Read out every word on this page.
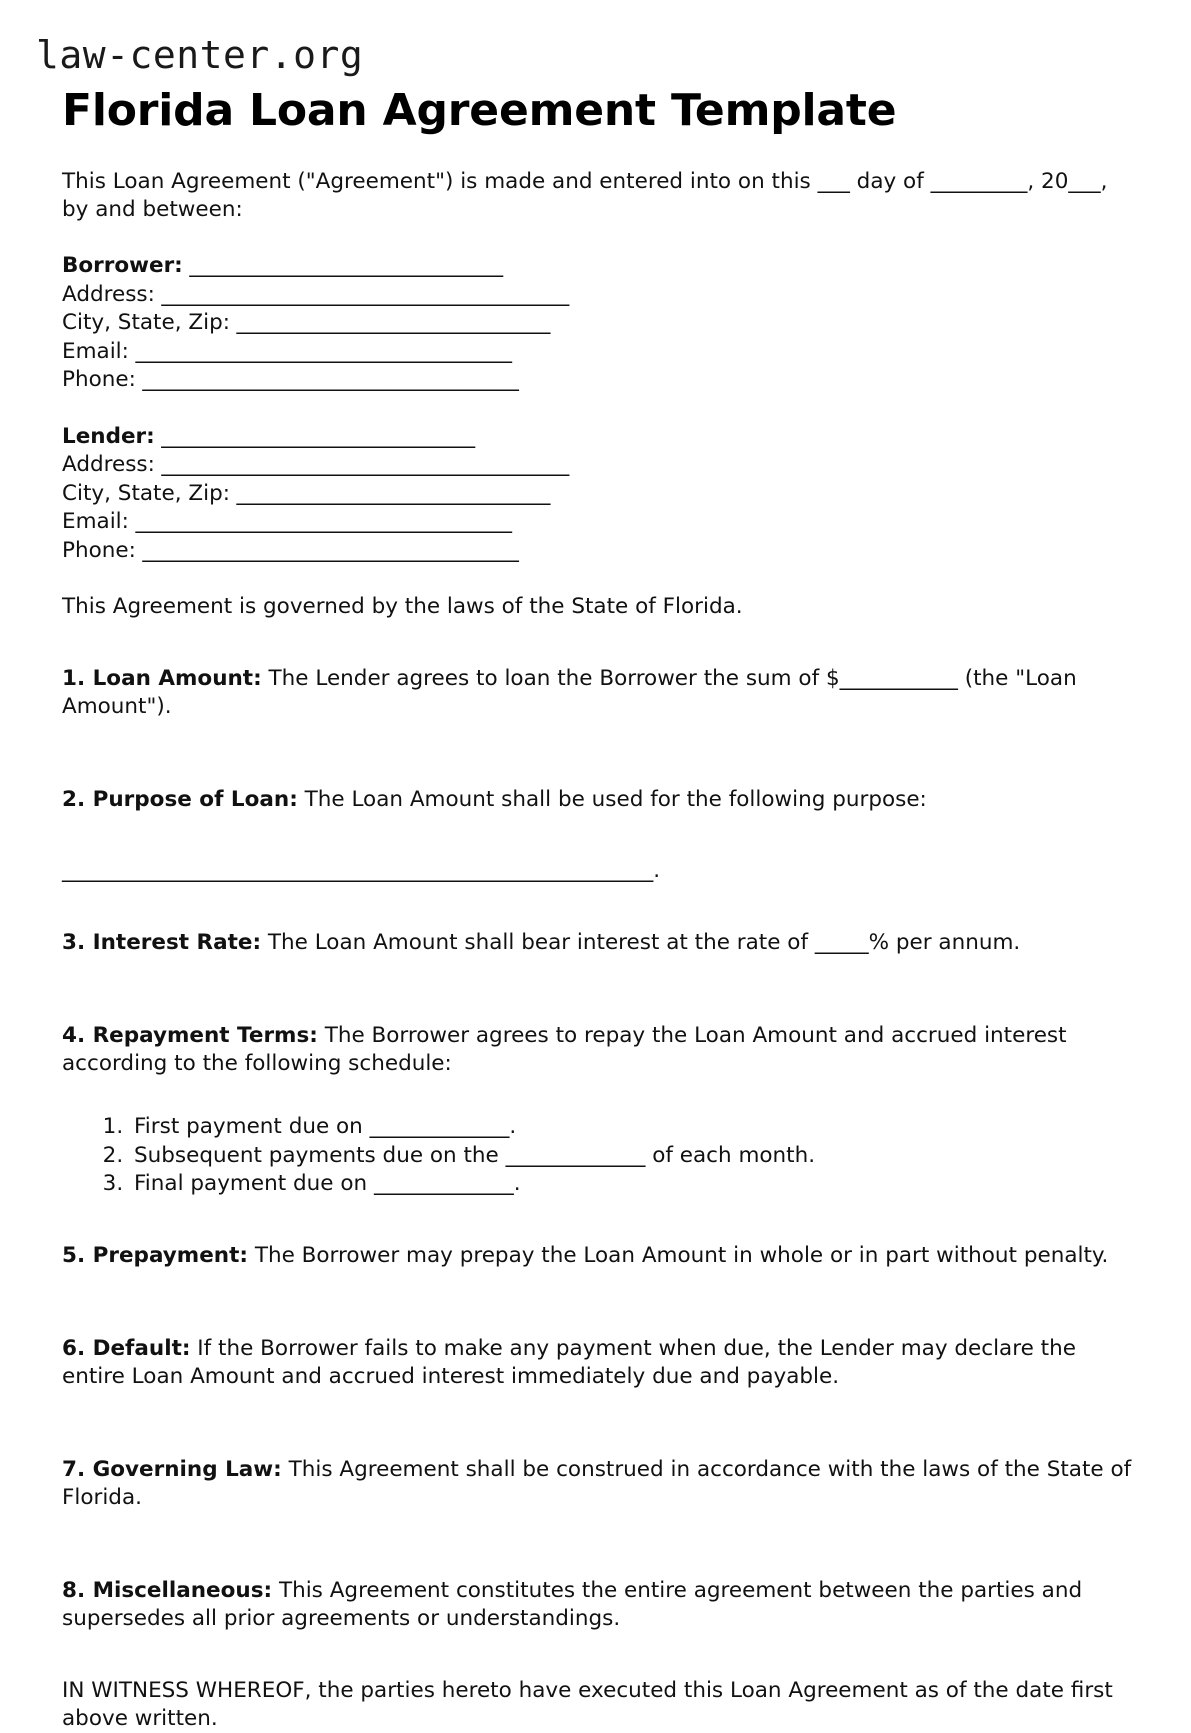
law-center.org
Florida Loan Agreement Template

This Loan Agreement ("Agreement") is made and entered into on this ___ day of _________, 20___, by and between:

Borrower: ______________________________
Address: _______________________________________
City, State, Zip: ______________________________
Email: ____________________________________
Phone: ____________________________________
Lender: ______________________________
Address: _______________________________________
City, State, Zip: ______________________________
Email: ____________________________________
Phone: ____________________________________

This Agreement is governed by the laws of the State of Florida.

1. Loan Amount: The Lender agrees to loan the Borrower the sum of $___________ (the "Loan Amount").

2. Purpose of Loan: The Loan Amount shall be used for the following purpose:

_______________________________________________________.

3. Interest Rate: The Loan Amount shall bear interest at the rate of _____% per annum.

4. Repayment Terms: The Borrower agrees to repay the Loan Amount and accrued interest according to the following schedule:

1. First payment due on _____________.
2. Subsequent payments due on the _____________ of each month.
3. Final payment due on _____________.

5. Prepayment: The Borrower may prepay the Loan Amount in whole or in part without penalty.

6. Default: If the Borrower fails to make any payment when due, the Lender may declare the entire Loan Amount and accrued interest immediately due and payable.

7. Governing Law: This Agreement shall be construed in accordance with the laws of the State of Florida.

8. Miscellaneous: This Agreement constitutes the entire agreement between the parties and supersedes all prior agreements or understandings.

IN WITNESS WHEREOF, the parties hereto have executed this Loan Agreement as of the date first above written.
